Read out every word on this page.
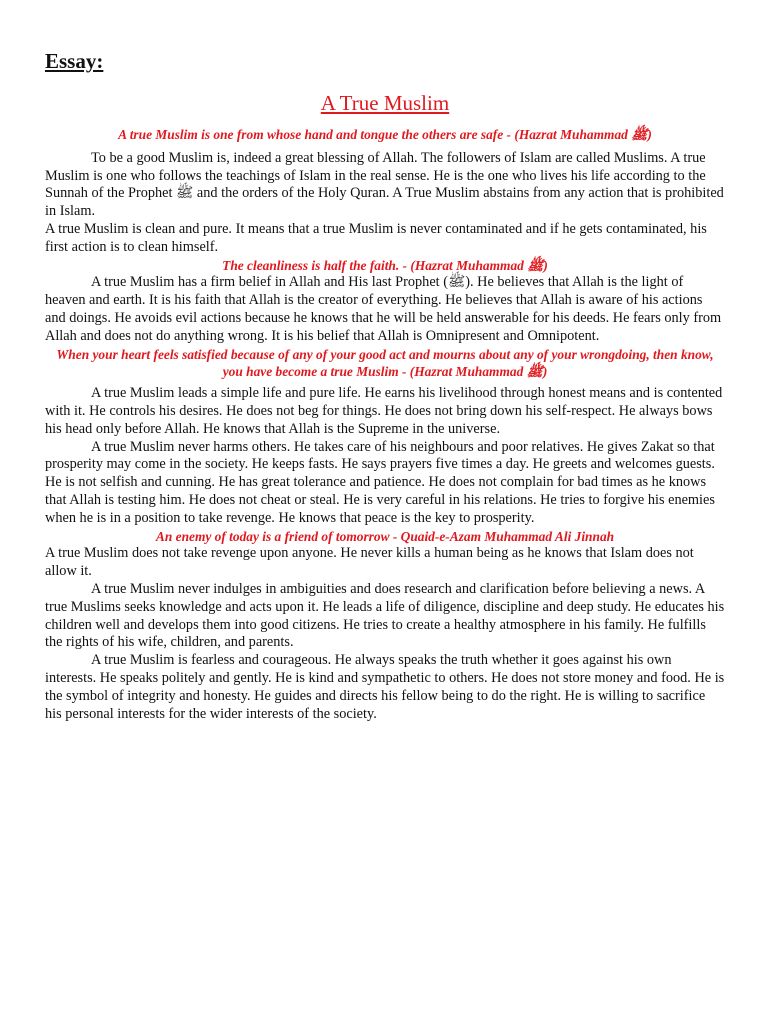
Essay:
A True Muslim

A true Muslim is one from whose hand and tongue the others are safe - (Hazrat Muhammad ﷺ)

To be a good Muslim is, indeed a great blessing of Allah. The followers of Islam are called Muslims. A true Muslim is one who follows the teachings of Islam in the real sense. He is the one who lives his life according to the Sunnah of the Prophet ﷺ and the orders of the Holy Quran. A True Muslim abstains from any action that is prohibited in Islam.

A true Muslim is clean and pure. It means that a true Muslim is never contaminated and if he gets contaminated, his first action is to clean himself.

The cleanliness is half the faith. - (Hazrat Muhammad ﷺ)

A true Muslim has a firm belief in Allah and His last Prophet (ﷺ). He believes that Allah is the light of heaven and earth. It is his faith that Allah is the creator of everything. He believes that Allah is aware of his actions and doings. He avoids evil actions because he knows that he will be held answerable for his deeds. He fears only from Allah and does not do anything wrong. It is his belief that Allah is Omnipresent and Omnipotent.

When your heart feels satisfied because of any of your good act and mourns about any of your wrongdoing, then know, you have become a true Muslim - (Hazrat Muhammad ﷺ)

A true Muslim leads a simple life and pure life. He earns his livelihood through honest means and is contented with it. He controls his desires. He does not beg for things. He does not bring down his self-respect. He always bows his head only before Allah. He knows that Allah is the Supreme in the universe.

A true Muslim never harms others. He takes care of his neighbours and poor relatives. He gives Zakat so that prosperity may come in the society. He keeps fasts. He says prayers five times a day. He greets and welcomes guests. He is not selfish and cunning. He has great tolerance and patience. He does not complain for bad times as he knows that Allah is testing him. He does not cheat or steal. He is very careful in his relations. He tries to forgive his enemies when he is in a position to take revenge. He knows that peace is the key to prosperity.

An enemy of today is a friend of tomorrow - Quaid-e-Azam Muhammad Ali Jinnah

A true Muslim does not take revenge upon anyone. He never kills a human being as he knows that Islam does not allow it.

A true Muslim never indulges in ambiguities and does research and clarification before believing a news. A true Muslims seeks knowledge and acts upon it. He leads a life of diligence, discipline and deep study. He educates his children well and develops them into good citizens. He tries to create a healthy atmosphere in his family. He fulfills the rights of his wife, children, and parents.

A true Muslim is fearless and courageous. He always speaks the truth whether it goes against his own interests. He speaks politely and gently. He is kind and sympathetic to others. He does not store money and food. He is the symbol of integrity and honesty. He guides and directs his fellow being to do the right. He is willing to sacrifice his personal interests for the wider interests of the society.
